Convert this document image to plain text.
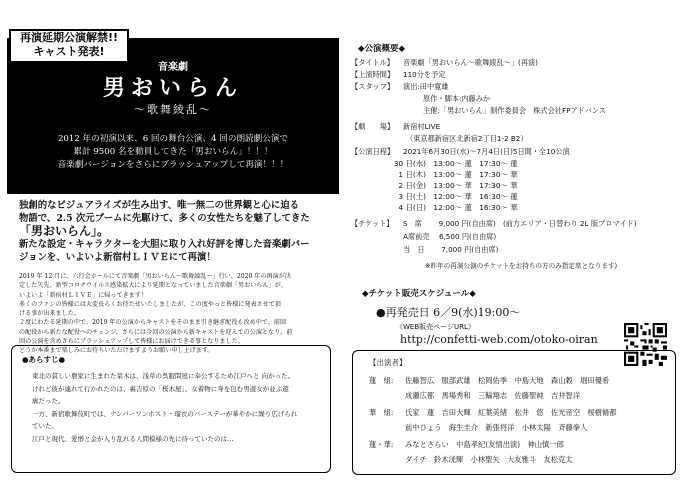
音楽劇
男おいらん
～歌舞綾乱～
2012 年の初演以来、6 回の舞台公演、4 回の朗読劇公演で
累計 9500 名を動員してきた「男おいらん」！！！
音楽劇バージョンをさらにブラッシュアップして再演！！！
再演延期公演解禁!!
キャスト発表!
独創的なビジュアライズが生み出す、唯一無二の世界観と心に迫る
物語で、2.5 次元ブームに先駆けて、多くの女性たちを魅了してきた
「男おいらん」。
新たな設定・キャラクターを大胆に取り入れ好評を博した音楽劇バー
ジョンを、いよいよ新宿村ＬＩＶＥにて再演！
2019 年 12 月に、六行会ホールにて音楽劇「男おいらん～歌舞綾乱～」行い、2020 年の再演が決
定した矢先、新型コロナウイルス感染拡大により延期となっていました音楽劇「男おいらん」が、
いよいよ「新宿村ＬＩＶＥ」に帰ってきます！
多くのファンの皆様には大変長らくお待たせいたしましたが、この度やっと皆様に発表させて頂
ける事が出来ました。
２度にわたる延期の中で、2019 年の公演からキャストをそのまま引き継ぎ配役も改め中で、前回
の配役から新たな配役へのチェンジ、さらには今回の公演から新キャストを迎えての公演となり、前
回の公演を含めさらにブラッシュアップして皆様にお届けできる事となりました。
どうか本番まで楽しみにお待ちいただけますようお願い申し上げます。
●あらすじ●
東北の貧しい農家に生まれた栞木は、浅草の呉服問屋に奉公するため江戸へと 向かった。
けれど彼が連れて行かれたのは、裏吉原の「桜木屋」。女着物に身を包む男遊女が並ぶ遊
廓だった。
一方、新宿歌舞伎町では、ナンバーワンホスト・瑠衣のバースデーが華やかに繰り広げられ
ていた。
江戸と現代、愛憎と金が入り乱れる人間模様の先に待っていたのは…
◆公演概要◆
【タイトル】 音楽劇「男おいらん～歌舞綾乱～」(再演)
【上演時間】 110分を予定
【スタッフ】 演出:田中寛雄
原作・脚本:内藤みか
主催:「男おいらん」制作委員会　株式会社FPアドバンス
【劇　　場】 新宿村LIVE
（東京都新宿区北新宿2丁目1-2 B2）
【公演日程】 2021年6月30日(水)～7月4日(日)5日間・全10公演
【チケット】 S　席　　 9,000 円(自由席)　(前方エリア・日替わり 2L 版ブロマイド)
A席前売　 6,500 円(自由席)
当　日　　 7,000 円(自由席)
※昨年の再演公演のチケットをお持ちの方のみ指定席となります)
30 日(水)　 13:00～ 蓮　17:30～ 蓮
1 日(木)　 13:00～ 蓮　17:30～ 華
2 日(金)　 13:00～ 華　17:30～ 華
3 日(土)　 12:00～ 華　16:30～ 蓮
4 日(日)　 12:00～ 蓮　16:30～ 華
◆チケット販売スケジュール◆
●再発売日 6／9(水)19:00～
《WEB販売ページURL》
http://confetti-web.com/otoko-oiran
【出演者】
蓮　組: 佐藤智広　服部武雄　松岡佑季　中島大地　森山穀　堀田優希
成瀬広都　馬場秀和　三輪翔志　佐藤聖純　吉井智洋
華　組: 氏家　蓮　吉田大輝　紅葉美緒　松井　悠　佐光帝空　桜樹脩都
前中ひょう　海生圭介　新張将洋　小林太陽　斉藤拳人
蓮・華: みなとさらい　中島孝紀(友情出演)　神山慎一郎
ダイチ　鈴木洸輝　小林聖矢　大友雅斗　友松克太
